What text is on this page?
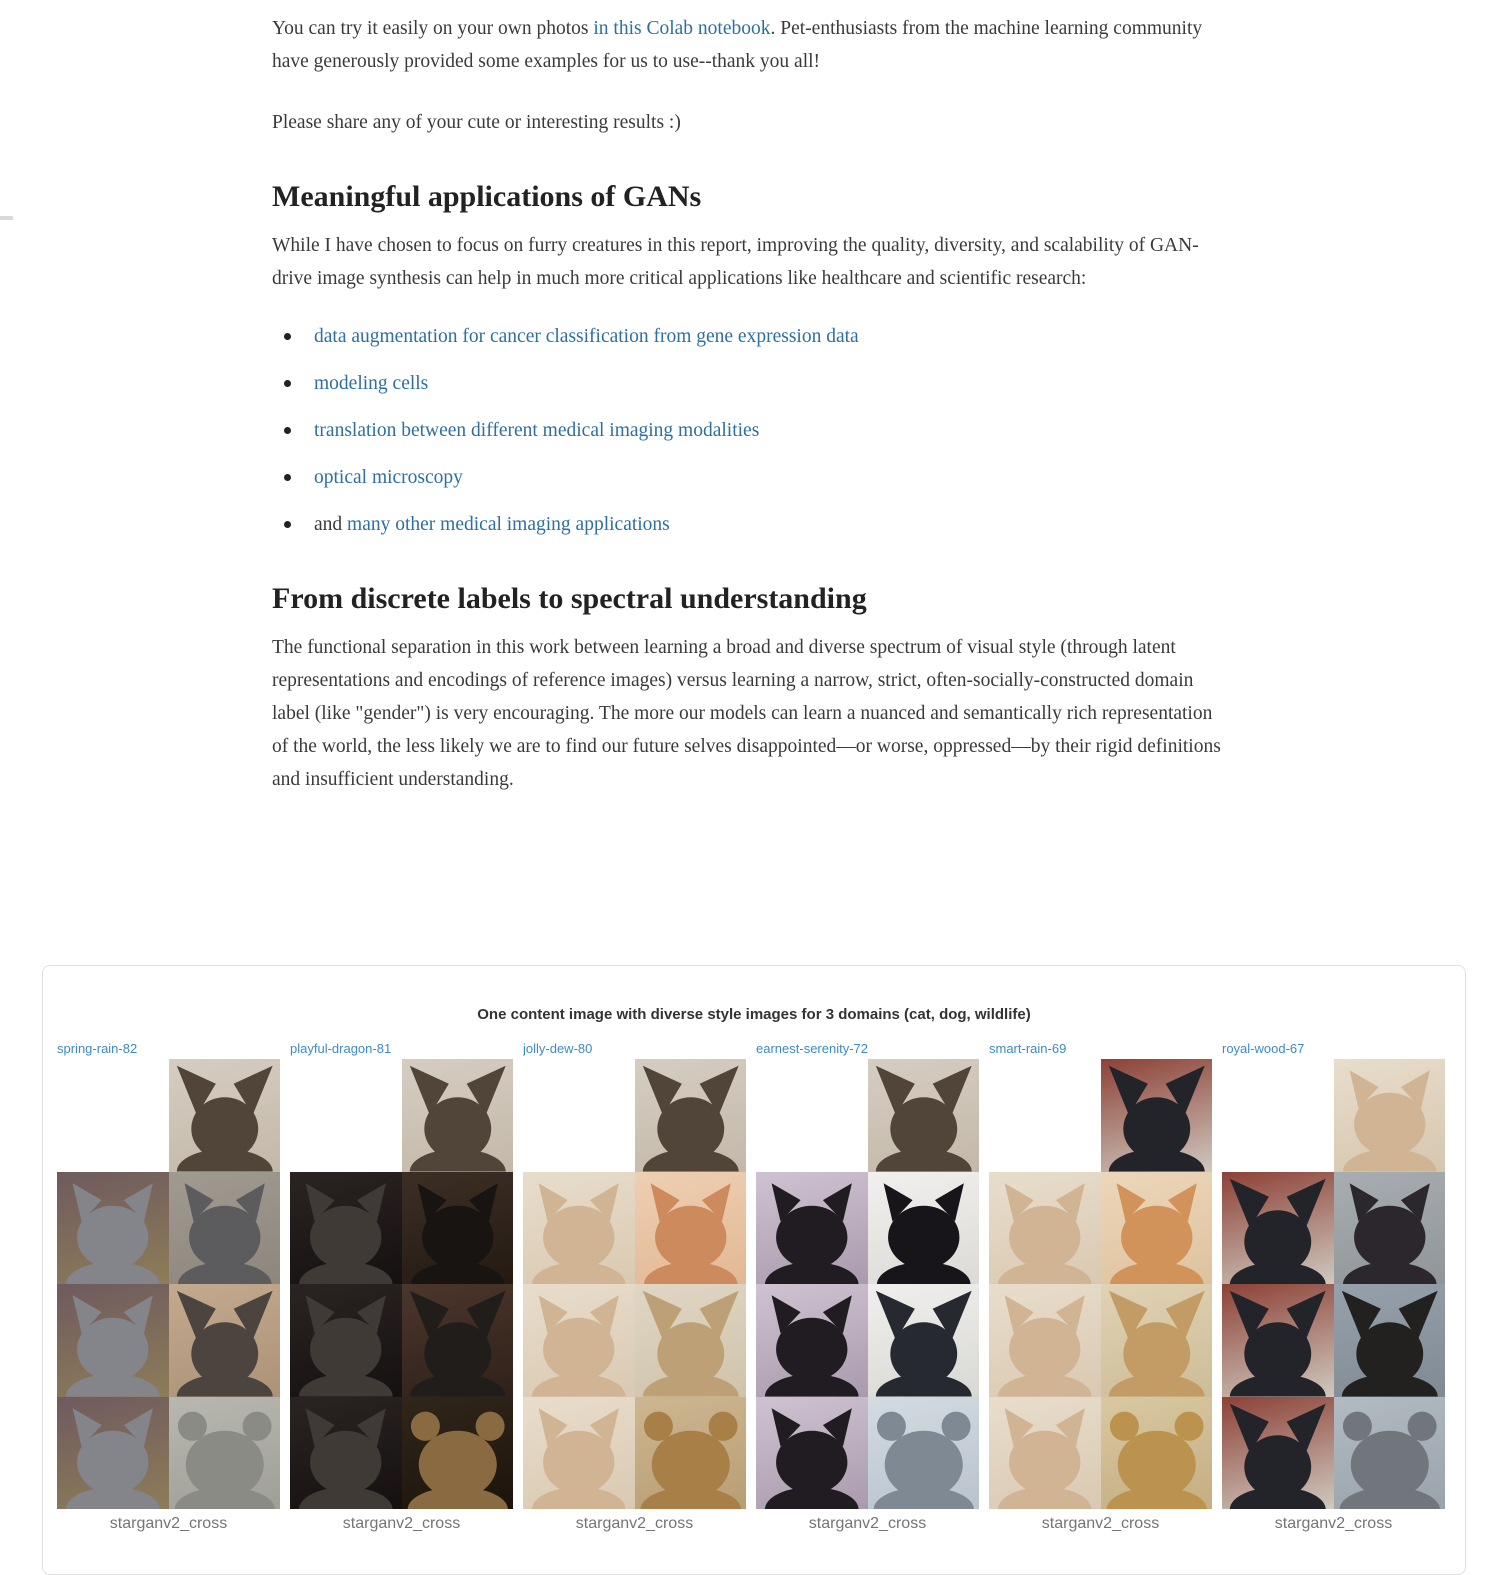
You can try it easily on your own photos in this Colab notebook. Pet-enthusiasts from the machine learning community have generously provided some examples for us to use--thank you all!

Please share any of your cute or interesting results :)

Meaningful applications of GANs

While I have chosen to focus on furry creatures in this report, improving the quality, diversity, and scalability of GAN-drive image synthesis can help in much more critical applications like healthcare and scientific research:

data augmentation for cancer classification from gene expression data
modeling cells
translation between different medical imaging modalities
optical microscopy
and many other medical imaging applications
From discrete labels to spectral understanding

The functional separation in this work between learning a broad and diverse spectrum of visual style (through latent representations and encodings of reference images) versus learning a narrow, strict, often-socially-constructed domain label (like "gender") is very encouraging. The more our models can learn a nuanced and semantically rich representation of the world, the less likely we are to find our future selves disappointed—or worse, oppressed—by their rigid definitions and insufficient understanding.

One content image with diverse style images for 3 domains (cat, dog, wildlife)
spring-rain-82
starganv2_cross
playful-dragon-81
starganv2_cross
jolly-dew-80
starganv2_cross
earnest-serenity-72
starganv2_cross
smart-rain-69
starganv2_cross
royal-wood-67
starganv2_cross
